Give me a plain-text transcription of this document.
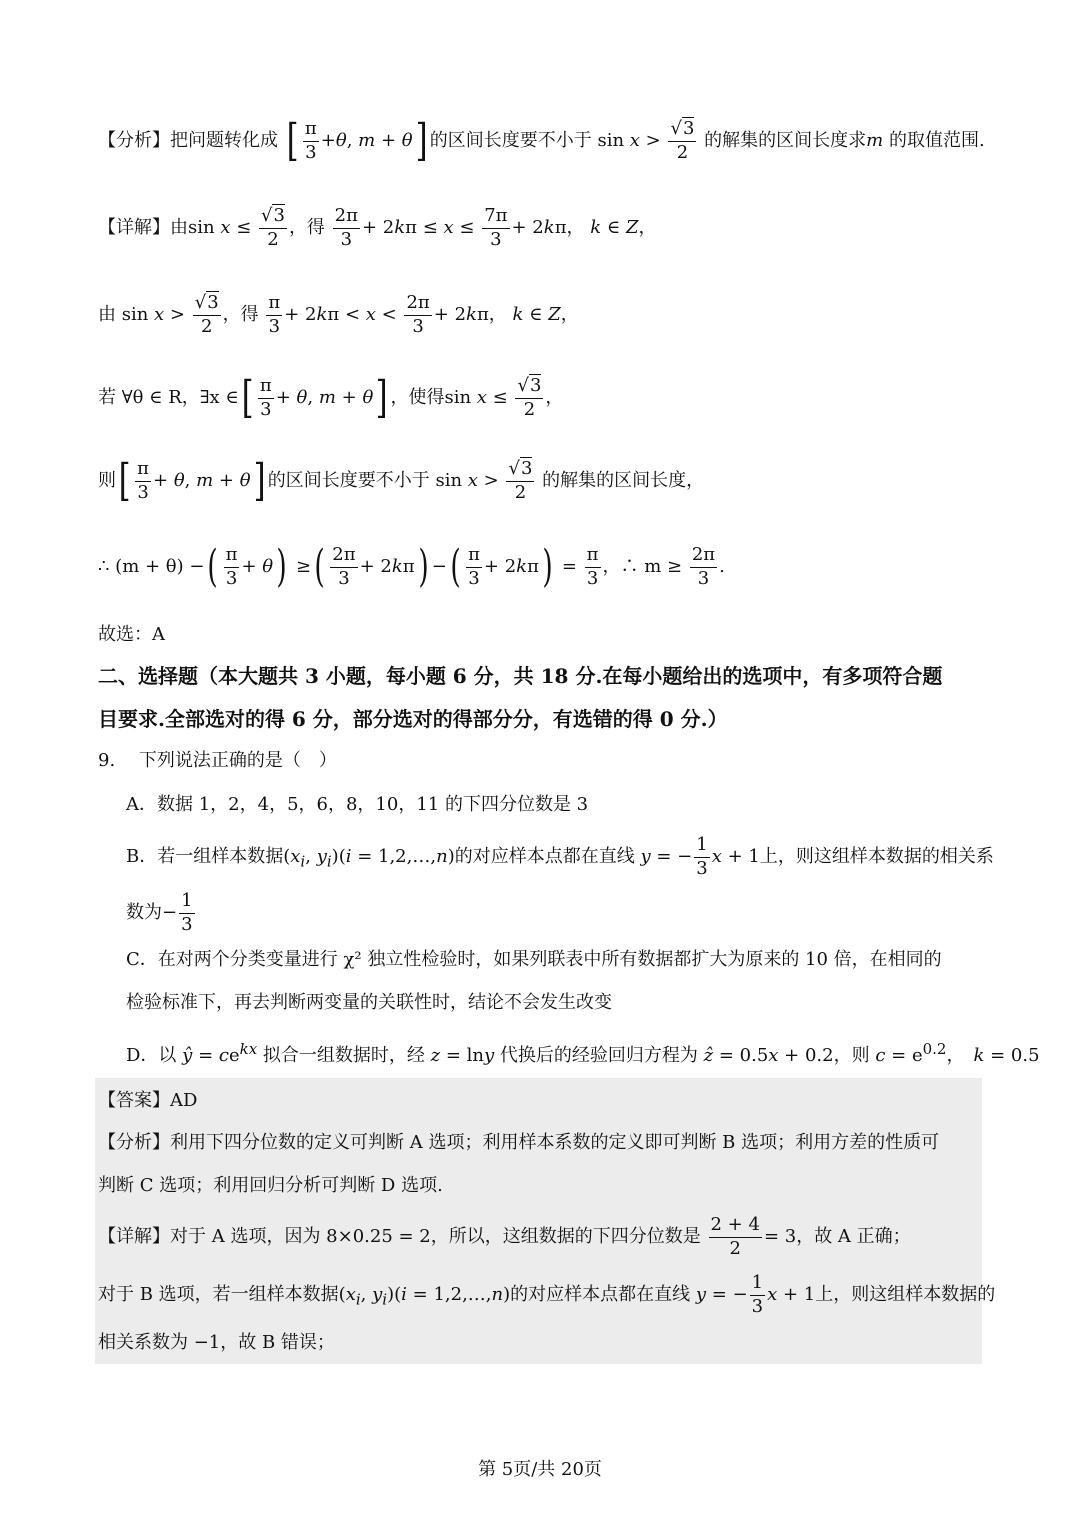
【分析】把问题转化成 [ $\frac{\pi}{3} +\theta$, m + θ] 的区间长度要不小于 $\sin x > \frac{√3}{2}$ 的解集的区间长度求m 的取值范围.
【详解】由$\sin x \le \frac{√3}{2}$ ，得 $\frac{2\pi}{3} + 2k\pi \le x \le \frac{7\pi}{3} + 2k\pi$， k ∈ Z，
由 $\sin x > \frac{√3}{2}$ ，得 $\frac{\pi}{3} + 2k\pi < x < \frac{2\pi}{3} + 2k\pi$， k ∈ Z，
若 ∀θ ∈ R，∃x ∈[ $\frac{\pi}{3} + \theta$, m + θ] ，使得$\sin x \le \frac{√3}{2}$ ，
则[ $\frac{\pi}{3} + \theta$, m + θ] 的区间长度要不小于 $\sin x > \frac{√3}{2}$ 的解集的区间长度，
∴ (m + θ) −( $\frac{\pi}{3} + \theta$) ≥( $\frac{2\pi}{3} + 2k\pi$) −( $\frac{\pi}{3} + 2k\pi) = \frac{\pi}{3}$ ，∴ $m \ge \frac{2\pi}{3}$ .
故选：A
二、选择题（本大题共 3 小题，每小题 6 分，共 18 分.在每小题给出的选项中，有多项符合题
目要求.全部选对的得 6 分，部分选对的得部分分，有选错的得 0 分.）
9.　 下列说法正确的是（　）
A．数据 1，2，4，5，6，8，10，11 的下四分位数是 3
B．若一组样本数据($x_i$, $y_i)(i$ = 1,2,…,n)的对应样本点都在直线 y = − $\frac{1}{3}$ x + 1上，则这组样本数据的相关系
数为− $\frac{1}{3}$
C．在对两个分类变量进行 χ² 独立性检验时，如果列联表中所有数据都扩大为原来的 10 倍，在相同的
检验标准下，再去判断两变量的关联性时，结论不会发生改变
D．以 ŷ = $ce^{kx}$ 拟合一组数据时，经 z = lny 代换后的经验回归方程为 ẑ = 0.5x + 0.2，则 $c = e^{0.2}$，　 k = 0.5
【答案】AD
【分析】利用下四分位数的定义可判断 A 选项；利用样本系数的定义即可判断 B 选项；利用方差的性质可
判断 C 选项；利用回归分析可判断 D 选项.
【详解】对于 A 选项，因为 8×0.25 = 2，所以，这组数据的下四分位数是 $\frac{2 + 4}{2} = 3$，故 A 正确；
对于 B 选项，若一组样本数据($x_i$, $y_i)(i$ = 1,2,…,n)的对应样本点都在直线 y = − $\frac{1}{3}$ x + 1上，则这组样本数据的
相关系数为 −1，故 B 错误；
第 5页/共 20页
